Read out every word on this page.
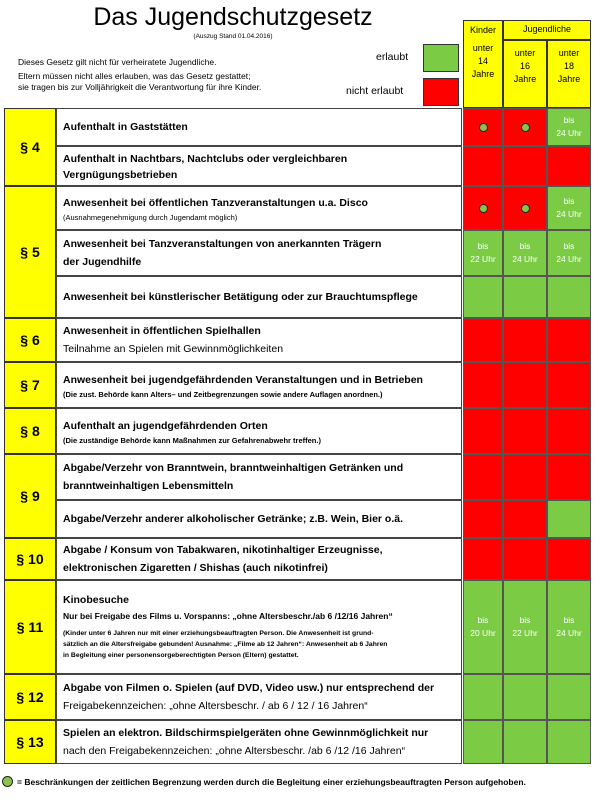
Das Jugendschutzgesetz
(Auszug Stand 01.04.2016)
Dieses Gesetz gilt nicht für verheiratete Jugendliche.
Eltern müssen nicht alles erlauben, was das Gesetz gestattet;
sie tragen bis zur Volljährigkeit die Verantwortung für ihre Kinder.
erlaubt
nicht erlaubt
Kinder
unter
14
Jahre
Jugendliche
unter
16
Jahre
unter
18
Jahre
§ 4
§ 5
§ 6
§ 7
§ 8
§ 9
§ 10
§ 11
§ 12
§ 13
Aufenthalt in Gaststätten
Aufenthalt in Nachtbars, Nachtclubs oder vergleichbaren
Vergnügungsbetrieben
Anwesenheit bei öffentlichen Tanzveranstaltungen u.a. Disco
(Ausnahmegenehmigung durch Jugendamt möglich)
Anwesenheit bei Tanzveranstaltungen von anerkannten Trägern
der Jugendhilfe
Anwesenheit bei künstlerischer Betätigung oder zur Brauchtumspflege
Anwesenheit in öffentlichen Spielhallen
Teilnahme an Spielen mit Gewinnmöglichkeiten
Anwesenheit bei jugendgefährdenden Veranstaltungen und in Betrieben
(Die zust. Behörde kann Alters– und Zeitbegrenzungen sowie andere Auflagen anordnen.)
Aufenthalt an jugendgefährdenden Orten
(Die zuständige Behörde kann Maßnahmen zur Gefahrenabwehr treffen.)
Abgabe/Verzehr von Branntwein, branntweinhaltigen Getränken und
branntweinhaltigen Lebensmitteln
Abgabe/Verzehr anderer alkoholischer Getränke; z.B. Wein, Bier o.ä.
Abgabe / Konsum von Tabakwaren, nikotinhaltiger Erzeugnisse,
elektronischen Zigaretten / Shishas (auch nikotinfrei)
Kinobesuche
Nur bei Freigabe des Films u. Vorspanns: „ohne Altersbeschr./ab 6 /12/16 Jahren“
(Kinder unter 6 Jahren nur mit einer erziehungsbeauftragten Person. Die Anwesenheit ist grund-
sätzlich an die Altersfreigabe gebunden! Ausnahme: „Filme ab 12 Jahren“: Anwesenheit ab 6 Jahren
in Begleitung einer personensorgeberechtigten Person (Eltern) gestattet.
Abgabe von Filmen o. Spielen (auf DVD, Video usw.) nur entsprechend der
Freigabekennzeichen: „ohne Altersbeschr. / ab 6 / 12 / 16 Jahren“
Spielen an elektron. Bildschirmspielgeräten ohne Gewinnmöglichkeit nur
nach den Freigabekennzeichen: „ohne Altersbeschr. /ab 6 /12 /16 Jahren“
bis
24 Uhr
bis
24 Uhr
bis
22 Uhr
bis
24 Uhr
bis
24 Uhr
bis
20 Uhr
bis
22 Uhr
bis
24 Uhr
= Beschränkungen der zeitlichen Begrenzung werden durch die Begleitung einer erziehungsbeauftragten Person aufgehoben.
